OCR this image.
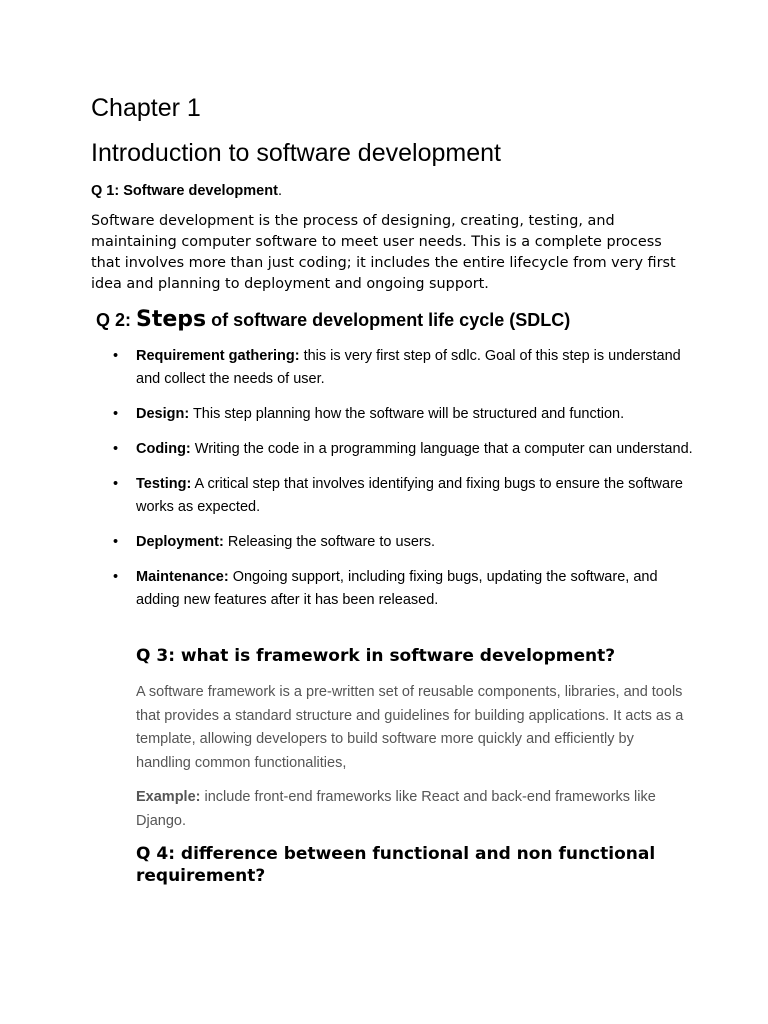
Chapter 1
Introduction to software development

Q 1: Software development.

Software development is the process of designing, creating, testing, and maintaining computer software to meet user needs. This is a complete process that involves more than just coding; it includes the entire lifecycle from very first idea and planning to deployment and ongoing support.

Q 2: Steps of software development life cycle (SDLC)
• Requirement gathering: this is very first step of sdlc. Goal of this step is understand and collect the needs of user.
• Design: This step planning how the software will be structured and function.
• Coding: Writing the code in a programming language that a computer can understand.
• Testing: A critical step that involves identifying and fixing bugs to ensure the software works as expected.
• Deployment: Releasing the software to users.
• Maintenance: Ongoing support, including fixing bugs, updating the software, and adding new features after it has been released.
Q 3: what is framework in software development?

A software framework is a pre-written set of reusable components, libraries, and tools that provides a standard structure and guidelines for building applications. It acts as a template, allowing developers to build software more quickly and efficiently by handling common functionalities,

Example: include front-end frameworks like React and back-end frameworks like Django.

Q 4: difference between functional and non functional requirement?
